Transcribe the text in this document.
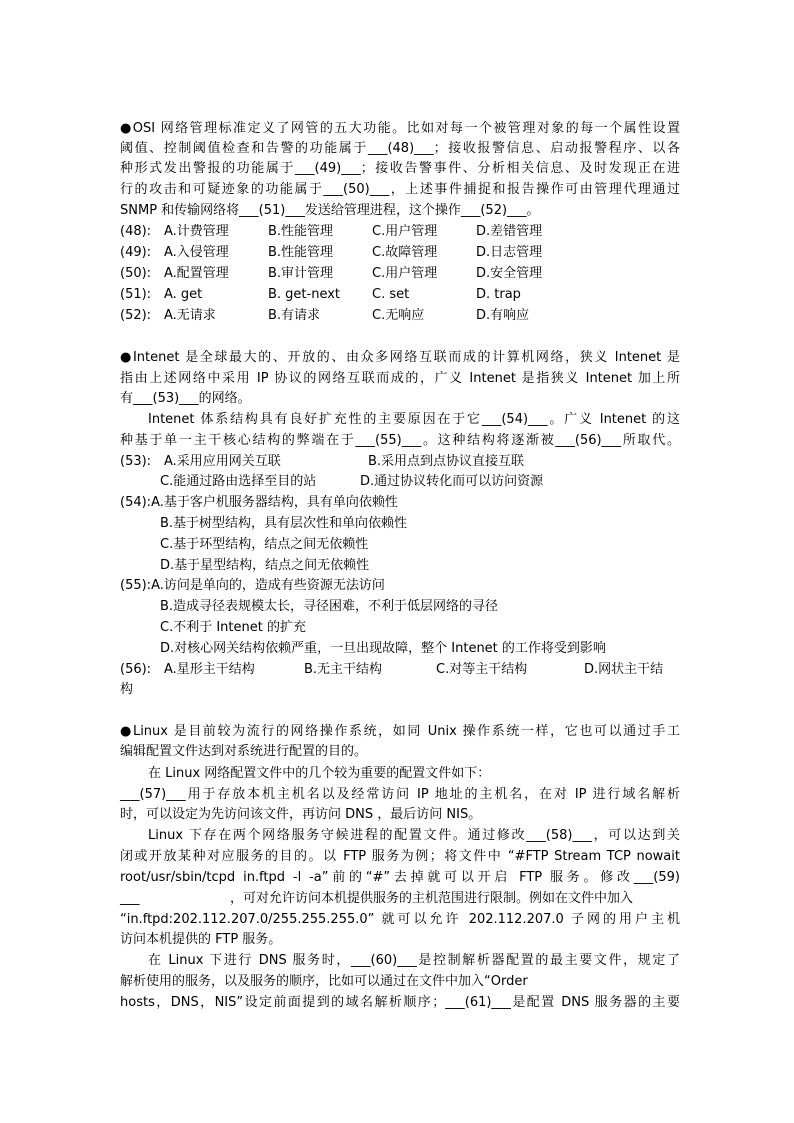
●OSI 网络管理标准定义了网管的五大功能。比如对每一个被管理对象的每一个属性设置
阈值、控制阈值检查和告警的功能属于___(48)___；接收报警信息、启动报警程序、以各
种形式发出警报的功能属于___(49)___；接收告警事件、分析相关信息、及时发现正在进
行的攻击和可疑迹象的功能属于___(50)___，上述事件捕捉和报告操作可由管理代理通过
SNMP 和传输网络将___(51)___发送给管理进程，这个操作___(52)___。
(48): A.计费管理	B.性能管理	C.用户管理	D.差错管理
(49): A.入侵管理	B.性能管理	C.故障管理	D.日志管理
(50): A.配置管理	B.审计管理	C.用户管理	D.安全管理
(51): A. get	B. get-next	C. set	D. trap
(52): A.无请求	B.有请求	C.无响应	D.有响应
●Intenet 是全球最大的、开放的、由众多网络互联而成的计算机网络，狭义 Intenet 是
指由上述网络中采用 IP 协议的网络互联而成的，广义 Intenet 是指狭义 Intenet 加上所
有___(53)___的网络。
Intenet 体系结构具有良好扩充性的主要原因在于它___(54)___。广义 Intenet 的这
种基于单一主干核心结构的弊端在于___(55)___。这种结构将逐渐被___(56)___所取代。
(53): A.采用应用网关互联	B.采用点到点协议直接互联
C.能通过路由选择至目的站	D.通过协议转化而可以访问资源
(54):A.基于客户机服务器结构，具有单向依赖性
B.基于树型结构，具有层次性和单向依赖性
C.基于环型结构，结点之间无依赖性
D.基于星型结构，结点之间无依赖性
(55):A.访问是单向的，造成有些资源无法访问
B.造成寻径表规模太长，寻径困难，不利于低层网络的寻径
C.不利于 Intenet 的扩充
D.对核心网关结构依赖严重，一旦出现故障，整个 Intenet 的工作将受到影响
(56): A.星形主干结构	B.无主干结构	C.对等主干结构	D.网状主干结
构
●Linux 是目前较为流行的网络操作系统，如同 Unix 操作系统一样，它也可以通过手工
编辑配置文件达到对系统进行配置的目的。
在 Linux 网络配置文件中的几个较为重要的配置文件如下：
___(57)___用于存放本机主机名以及经常访问 IP 地址的主机名，在对 IP 进行域名解析
时，可以设定为先访问该文件，再访问 DNS ，最后访问 NIS。
Linux 下存在两个网络服务守候进程的配置文件。通过修改___(58)___，可以达到关
闭或开放某种对应服务的目的。以 FTP 服务为例；将文件中 “#FTP Stream TCP nowait
root/usr/sbin/tcpd in.ftpd -l -a”前的“#”去掉就可以开启 FTP 服务。修改___(59)
___	，可对允许访问本机提供服务的主机范围进行限制。例如在文件中加入
“in.ftpd:202.112.207.0/255.255.255.0” 就可以允许 202.112.207.0 子网的用户主机
访问本机提供的 FTP 服务。
在 Linux 下进行 DNS 服务时，___(60)___是控制解析器配置的最主要文件，规定了
解析使用的服务，以及服务的顺序，比如可以通过在文件中加入“Order
hosts，DNS，NIS”设定前面提到的域名解析顺序；___(61)___是配置 DNS 服务器的主要
